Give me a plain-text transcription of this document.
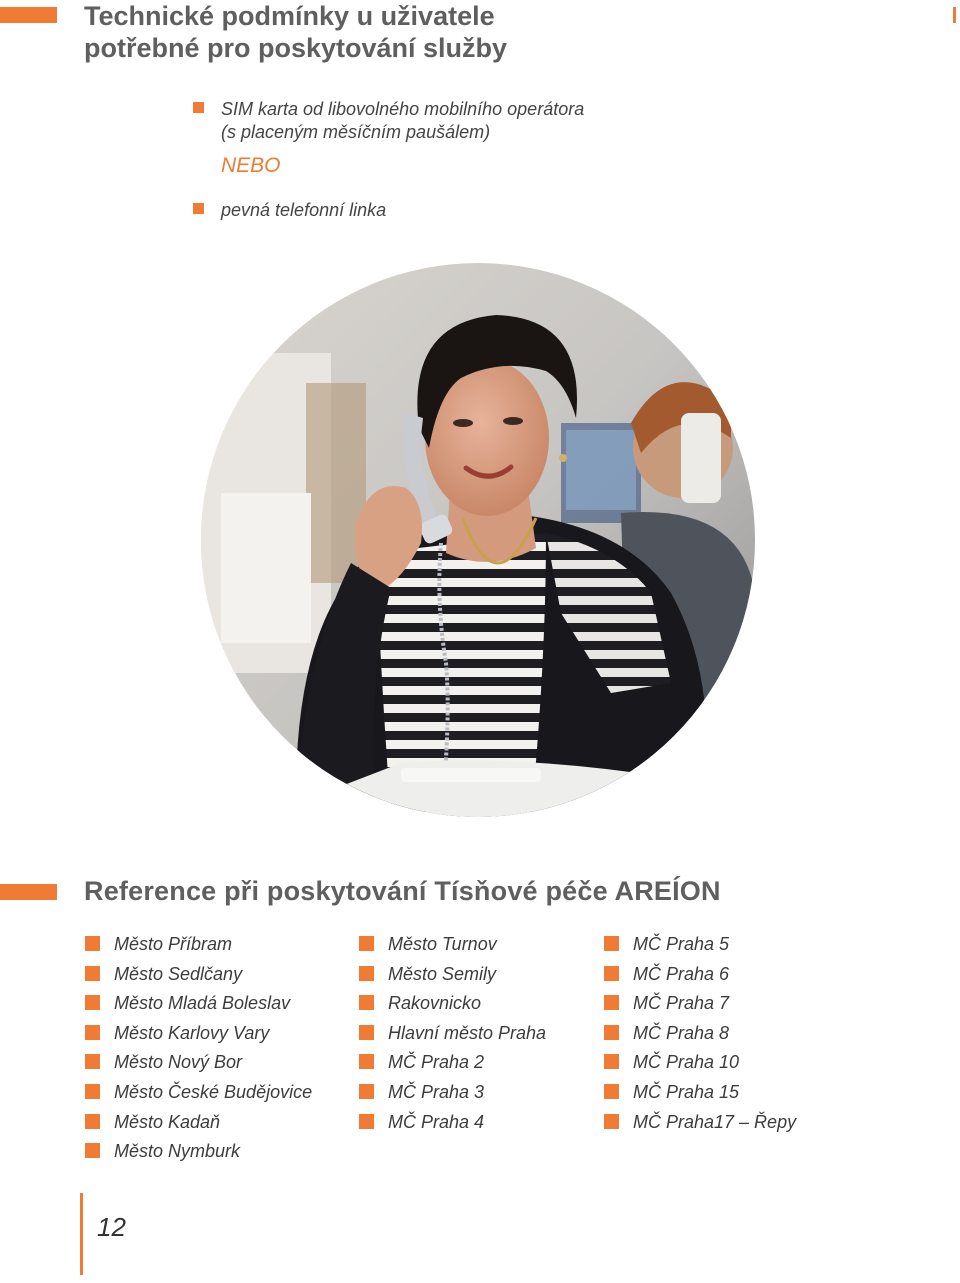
Technické podmínky u uživatele
potřebné pro poskytování služby
SIM karta od libovolného mobilního operátora
(s placeným měsíčním paušálem)
NEBO
pevná telefonní linka
Reference při poskytování Tísňové péče AREÍON
Město Příbram
Město Sedlčany
Město Mladá Boleslav
Město Karlovy Vary
Město Nový Bor
Město České Budějovice
Město Kadaň
Město Nymburk
Město Turnov
Město Semily
Rakovnicko
Hlavní město Praha
MČ Praha 2
MČ Praha 3
MČ Praha 4
MČ Praha 5
MČ Praha 6
MČ Praha 7
MČ Praha 8
MČ Praha 10
MČ Praha 15
MČ Praha17 – Řepy
12
